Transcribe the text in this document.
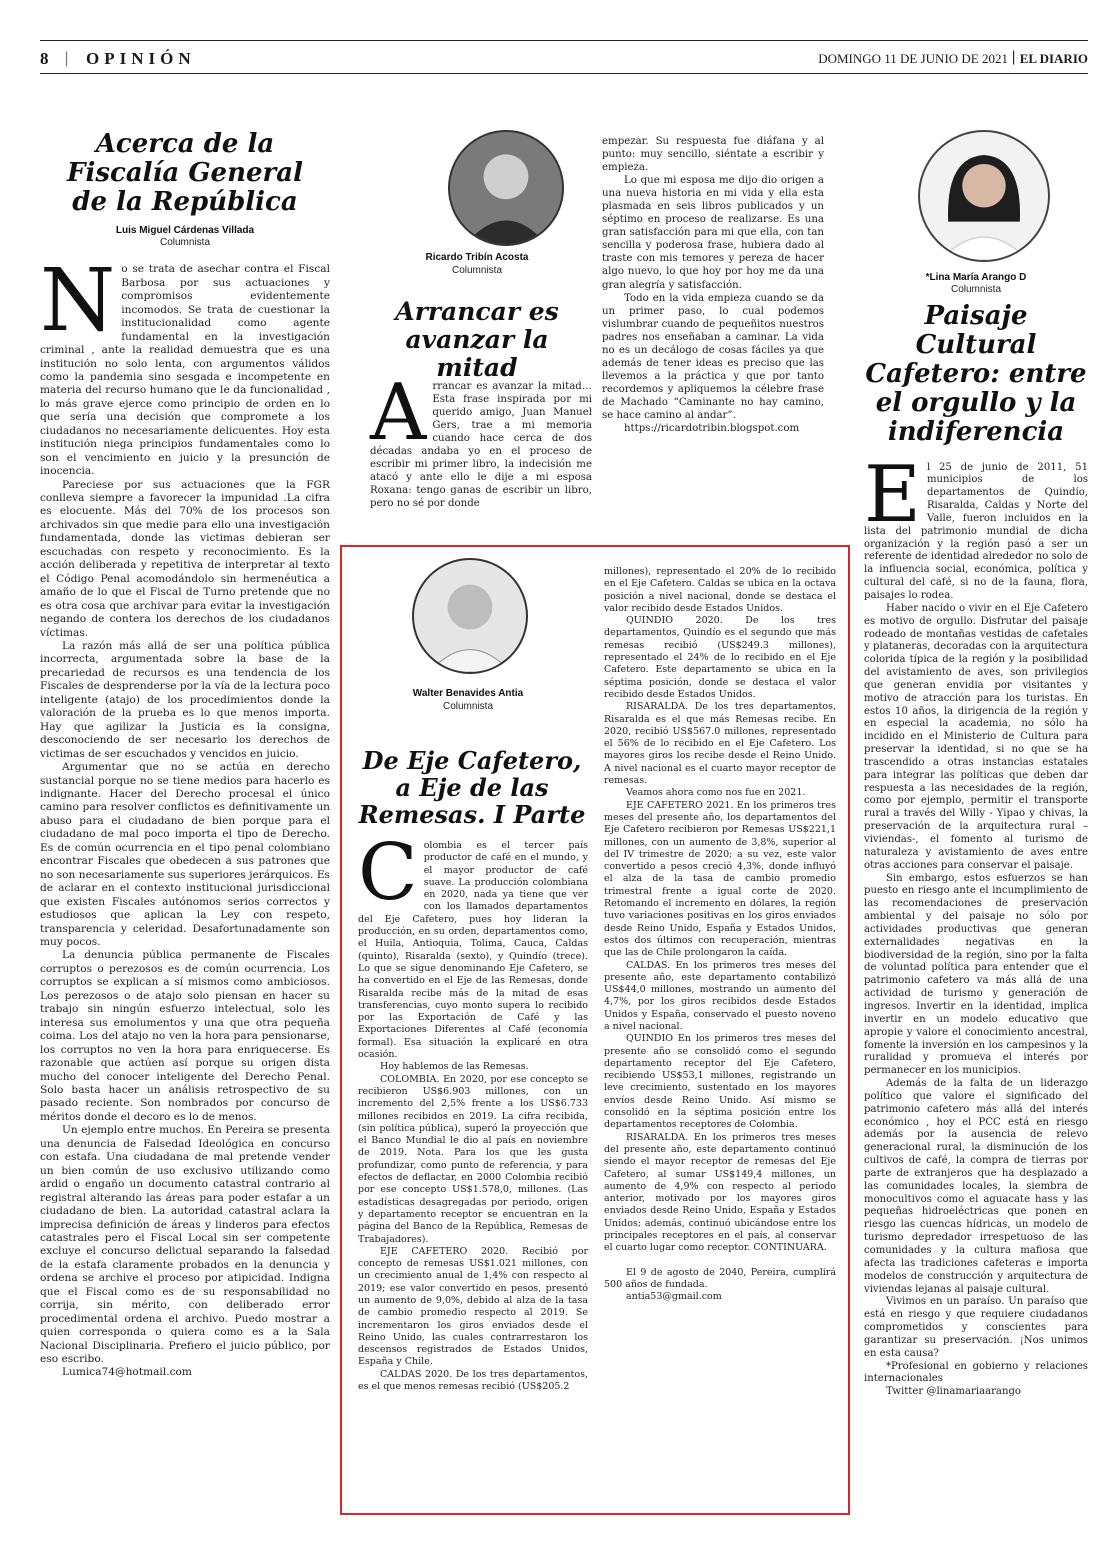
8 | OPINIÓN	DOMINGO 11 DE JUNIO DE 2021 | EL DIARIO
Acerca de la Fiscalía General de la República
Luis Miguel Cárdenas Villada
Columnista
N o se trata de asechar contra el Fiscal Barbosa por sus actuaciones y compromisos evidentemente incomodos. Se trata de cuestionar la institucionalidad como agente fundamental en la investigación criminal , ante la realidad demuestra que es una institución no solo lenta, con argumentos válidos como la pandemia sino sesgada e incompetente en materia del recurso humano que le da funcionalidad , lo más grave ejerce como principio de orden en lo que sería una decisión que compromete a los ciudadanos no necesariamente delicuentes. Hoy esta institución niega principios fundamentales como lo son el vencimiento en juicio y la presunción de inocencia.

Pareciese por sus actuaciones que la FGR conlleva siempre a favorecer la impunidad .La cifra es elocuente. Más del 70% de los procesos son archivados sin que medie para ello una investigación fundamentada, donde las victimas debieran ser escuchadas con respeto y reconocimiento. Es la acción deliberada y repetitiva de interpretar al texto el Código Penal acomodándolo sin hermenéutica a amaño de lo que el Fiscal de Turno pretende que no es otra cosa que archivar para evitar la investigación negando de contera los derechos de los ciudadanos víctimas.

La razón más allá de ser una política pública incorrecta, argumentada sobre la base de la precariedad de recursos es una tendencia de los Fiscales de desprenderse por la vía de la lectura poco inteligente (atajo) de los procedimientos donde la valoración de la prueba es lo que menos importa. Hay que agilizar la Justicia es la consigna, desconociendo de ser necesario los derechos de victimas de ser escuchados y vencidos en juicio.

Argumentar que no se actúa en derecho sustancial porque no se tiene medios para hacerlo es indignante. Hacer del Derecho procesal el único camino para resolver conflictos es definitivamente un abuso para el ciudadano de bien porque para el ciudadano de mal poco importa el tipo de Derecho. Es de común ocurrencia en el tipo penal colombiano encontrar Fiscales que obedecen a sus patrones que no son necesariamente sus superiores jerárquicos. Es de aclarar en el contexto institucional jurisdiccional que existen Fiscales autónomos serios correctos y estudiosos que aplican la Ley con respeto, transparencia y celeridad. Desafortunadamente son muy pocos.

La denuncia pública permanente de Fiscales corruptos o perezosos es de común ocurrencia. Los corruptos se explican a sí mismos como ambiciosos. Los perezosos o de atajo solo piensan en hacer su trabajo sin ningún esfuerzo intelectual, solo les interesa sus emolumentos y una que otra pequeña coima. Los del atajo no ven la hora para pensionarse, los corruptos no ven la hora para enriquecerse. Es razonable que actúen así porque su origen dista mucho del conocer inteligente del Derecho Penal. Solo basta hacer un análisis retrospectivo de su pasado reciente. Son nombrados por concurso de méritos donde el decoro es lo de menos.

Un ejemplo entre muchos. En Pereira se presenta una denuncia de Falsedad Ideológica en concurso con estafa. Una ciudadana de mal pretende vender un bien común de uso exclusivo utilizando como ardid o engaño un documento catastral contrario al registral alterando las áreas para poder estafar a un ciudadano de bien. La autoridad catastral aclara la imprecisa definición de áreas y linderos para efectos catastrales pero el Fiscal Local sin ser competente excluye el concurso delictual separando la falsedad de la estafa claramente probados en la denuncia y ordena se archive el proceso por atipicidad. Indigna que el Fiscal como es de su responsabilidad no corrija, sin mérito, con deliberado error procedimental ordena el archivo. Puedo mostrar a quien corresponda o quiera como es a la Sala Nacional Disciplinaria. Prefiero el juicio público, por eso escribo.

Lumica74@hotmail.com

Ricardo Tribín Acosta
Columnista
Arrancar es avanzar la mitad
A rrancar es avanzar la mitad… Esta frase inspirada por mi querido amigo, Juan Manuel Gers, trae a mi memoria cuando hace cerca de dos décadas andaba yo en el proceso de escribir mi primer libro, la indecisión me atacó y ante ello le dije a mi esposa Roxana: tengo ganas de escribir un libro, pero no sé por donde

empezar. Su respuesta fue diáfana y al punto: muy sencillo, siéntate a escribir y empieza.

Lo que mi esposa me dijo dio origen a una nueva historia en mi vida y ella esta plasmada en seis libros publicados y un séptimo en proceso de realizarse. Es una gran satisfacción para mi que ella, con tan sencilla y poderosa frase, hubiera dado al traste con mis temores y pereza de hacer algo nuevo, lo que hoy por hoy me da una gran alegría y satisfacción.

Todo en la vida empieza cuando se da un primer paso, lo cual podemos vislumbrar cuando de pequeñitos nuestros padres nos enseñaban a caminar. La vida no es un decálogo de cosas fáciles ya que además de tener ideas es preciso que las llevemos a la práctica y que por tanto recordemos y apliquemos la célebre frase de Machado “Caminante no hay camino, se hace camino al andar”.

https://ricardotribin.blogspot.com

*Lina María Arango D
Columnista
Paisaje Cultural Cafetero: entre el orgullo y la indiferencia
E l 25 de junio de 2011, 51 municipios de los departamentos de Quindío, Risaralda, Caldas y Norte del Valle, fueron incluidos en la lista del patrimonio mundial de dicha organización y la región pasó a ser un referente de identidad alrededor no solo de la influencia social, económica, política y cultural del café, si no de la fauna, flora, paisajes lo rodea.

Haber nacido o vivir en el Eje Cafetero es motivo de orgullo. Disfrutar del paisaje rodeado de montañas vestidas de cafetales y plataneras, decoradas con la arquitectura colorida típica de la región y la posibilidad del avistamiento de aves, son privilegios que generan envidia por visitantes y motivo de atracción para los turistas. En estos 10 años, la dirigencia de la región y en especial la academia, no sólo ha incidido en el Ministerio de Cultura para preservar la identidad, si no que se ha trascendido a otras instancias estatales para integrar las políticas que deben dar respuesta a las necesidades de la región, como por ejemplo, permitir el transporte rural a través del Willy - Yipao y chivas, la preservación de la arquitectura rural –viviendas-, el fomento al turismo de naturaleza y avistamiento de aves entre otras acciones para conservar el paisaje.

Sin embargo, estos esfuerzos se han puesto en riesgo ante el incumplimiento de las recomendaciones de preservación ambiental y del paisaje no sólo por actividades productivas que generan externalidades negativas en la biodiversidad de la región, sino por la falta de voluntad política para entender que el patrimonio cafetero va más allá de una actividad de turismo y generación de ingresos. Invertir en la identidad, implica invertir en un modelo educativo que apropie y valore el conocimiento ancestral, fomente la inversión en los campesinos y la ruralidad y promueva el interés por permanecer en los municipios.

Además de la falta de un liderazgo político que valore el significado del patrimonio cafetero más allá del interés económico , hoy el PCC está en riesgo además por la ausencia de relevo generacional rural, la disminución de los cultivos de café, la compra de tierras por parte de extranjeros que ha desplazado a las comunidades locales, la siembra de monocultivos como el aguacate hass y las pequeñas hidroeléctricas que ponen en riesgo las cuencas hídricas, un modelo de turismo depredador irrespetuoso de las comunidades y la cultura mafiosa que afecta las tradiciones cafeteras e importa modelos de construcción y arquitectura de viviendas lejanas al paisaje cultural.

Vivimos en un paraíso. Un paraíso que está en riesgo y que requiere ciudadanos comprometidos y conscientes para garantizar su preservación. ¡Nos unimos en esta causa?

*Profesional en gobierno y relaciones internacionales

Twitter @linamariaarango

Walter Benavides Antia
Columnista
De Eje Cafetero, a Eje de las Remesas. I Parte
C olombia es el tercer país productor de café en el mundo, y el mayor productor de café suave. La producción colombiana en 2020, nada ya tiene que ver con los llamados departamentos del Eje Cafetero, pues hoy lideran la producción, en su orden, departamentos como, el Huila, Antioquia, Tolima, Cauca, Caldas (quinto), Risaralda (sexto), y Quindío (trece). Lo que se sigue denominando Eje Cafetero, se ha convertido en el Eje de las Remesas, donde Risaralda recibe más de la mitad de esas transferencias, cuyo monto supera lo recibido por las Exportación de Café y las Exportaciones Diferentes al Café (economía formal). Esa situación la explicaré en otra ocasión.

Hoy hablemos de las Remesas.

COLOMBIA. En 2020, por ese concepto se recibieron US$6.903 millones, con un incremento del 2,5% frente a los US$6.733 millones recibidos en 2019. La cifra recibida, (sin política pública), superó la proyección que el Banco Mundial le dio al país en noviembre de 2019. Nota. Para los que les gusta profundizar, como punto de referencia, y para efectos de deflactar, en 2000 Colombia recibió por ese concepto US$1.578,0, millones. (Las estadísticas desagregadas por periodo, origen y departamento receptor se encuentran en la página del Banco de la República, Remesas de Trabajadores).

EJE CAFETERO 2020. Recibió por concepto de remesas US$1.021 millones, con un crecimiento anual de 1,4% con respecto al 2019; ese valor convertido en pesos, presentó un aumento de 9,0%, debido al alza de la tasa de cambio promedio respecto al 2019. Se incrementaron los giros enviados desde el Reino Unido, las cuales contrarrestaron los descensos registrados de Estados Unidos, España y Chile.

CALDAS 2020. De los tres departamentos, es el que menos remesas recibió (US$205.2

millones), representado el 20% de lo recibido en el Eje Cafetero. Caldas se ubica en la octava posición a nivel nacional, donde se destaca el valor recibido desde Estados Unidos.

QUINDIO 2020. De los tres departamentos, Quindío es el segundo que más remesas recibió (US$249.3 millones), representado el 24% de lo recibido en el Eje Cafetero. Este departamento se ubica en la séptima posición, donde se destaca el valor recibido desde Estados Unidos.

RISARALDA. De los tres departamentos, Risaralda es el que más Remesas recibe. En 2020, recibió US$567.0 millones, representado el 56% de lo recibido en el Eje Cafetero. Los mayores giros los recibe desde el Reino Unido. A nivel nacional es el cuarto mayor receptor de remesas.

Veamos ahora como nos fue en 2021.

EJE CAFETERO 2021. En los primeros tres meses del presente año, los departamentos del Eje Cafetero recibieron por Remesas US$221,1 millones, con un aumento de 3,8%, superior al del IV trimestre de 2020; a su vez, este valor convertido a pesos creció 4,3%, donde influyó el alza de la tasa de cambio promedio trimestral frente a igual corte de 2020. Retomando el incremento en dólares, la región tuvo variaciones positivas en los giros enviados desde Reino Unido, España y Estados Unidos, estos dos últimos con recuperación, mientras que las de Chile prolongaron la caída.

CALDAS. En los primeros tres meses del presente año, este departamento contabilizó US$44,0 millones, mostrando un aumento del 4,7%, por los giros recibidos desde Estados Unidos y España, conservado el puesto noveno a nivel nacional.

QUINDIO En los primeros tres meses del presente año se consolidó como el segundo departamento receptor del Eje Cafetero, recibiendo US$53,1 millones, registrando un leve crecimiento, sustentado en los mayores envíos desde Reino Unido. Así mismo se consolidó en la séptima posición entre los departamentos receptores de Colombia.

RISARALDA. En los primeros tres meses del presente año, este departamento continuó siendo el mayor receptor de remesas del Eje Cafetero, al sumar US$149,4 millones, un aumento de 4,9% con respecto al periodo anterior, motivado por los mayores giros enviados desde Reino Unido, España y Estados Unidos; además, continuó ubicándose entre los principales receptores en el país, al conservar el cuarto lugar como receptor. CONTINUARA.

El 9 de agosto de 2040, Pereira, cumplirá 500 años de fundada.

antia53@gmail.com
